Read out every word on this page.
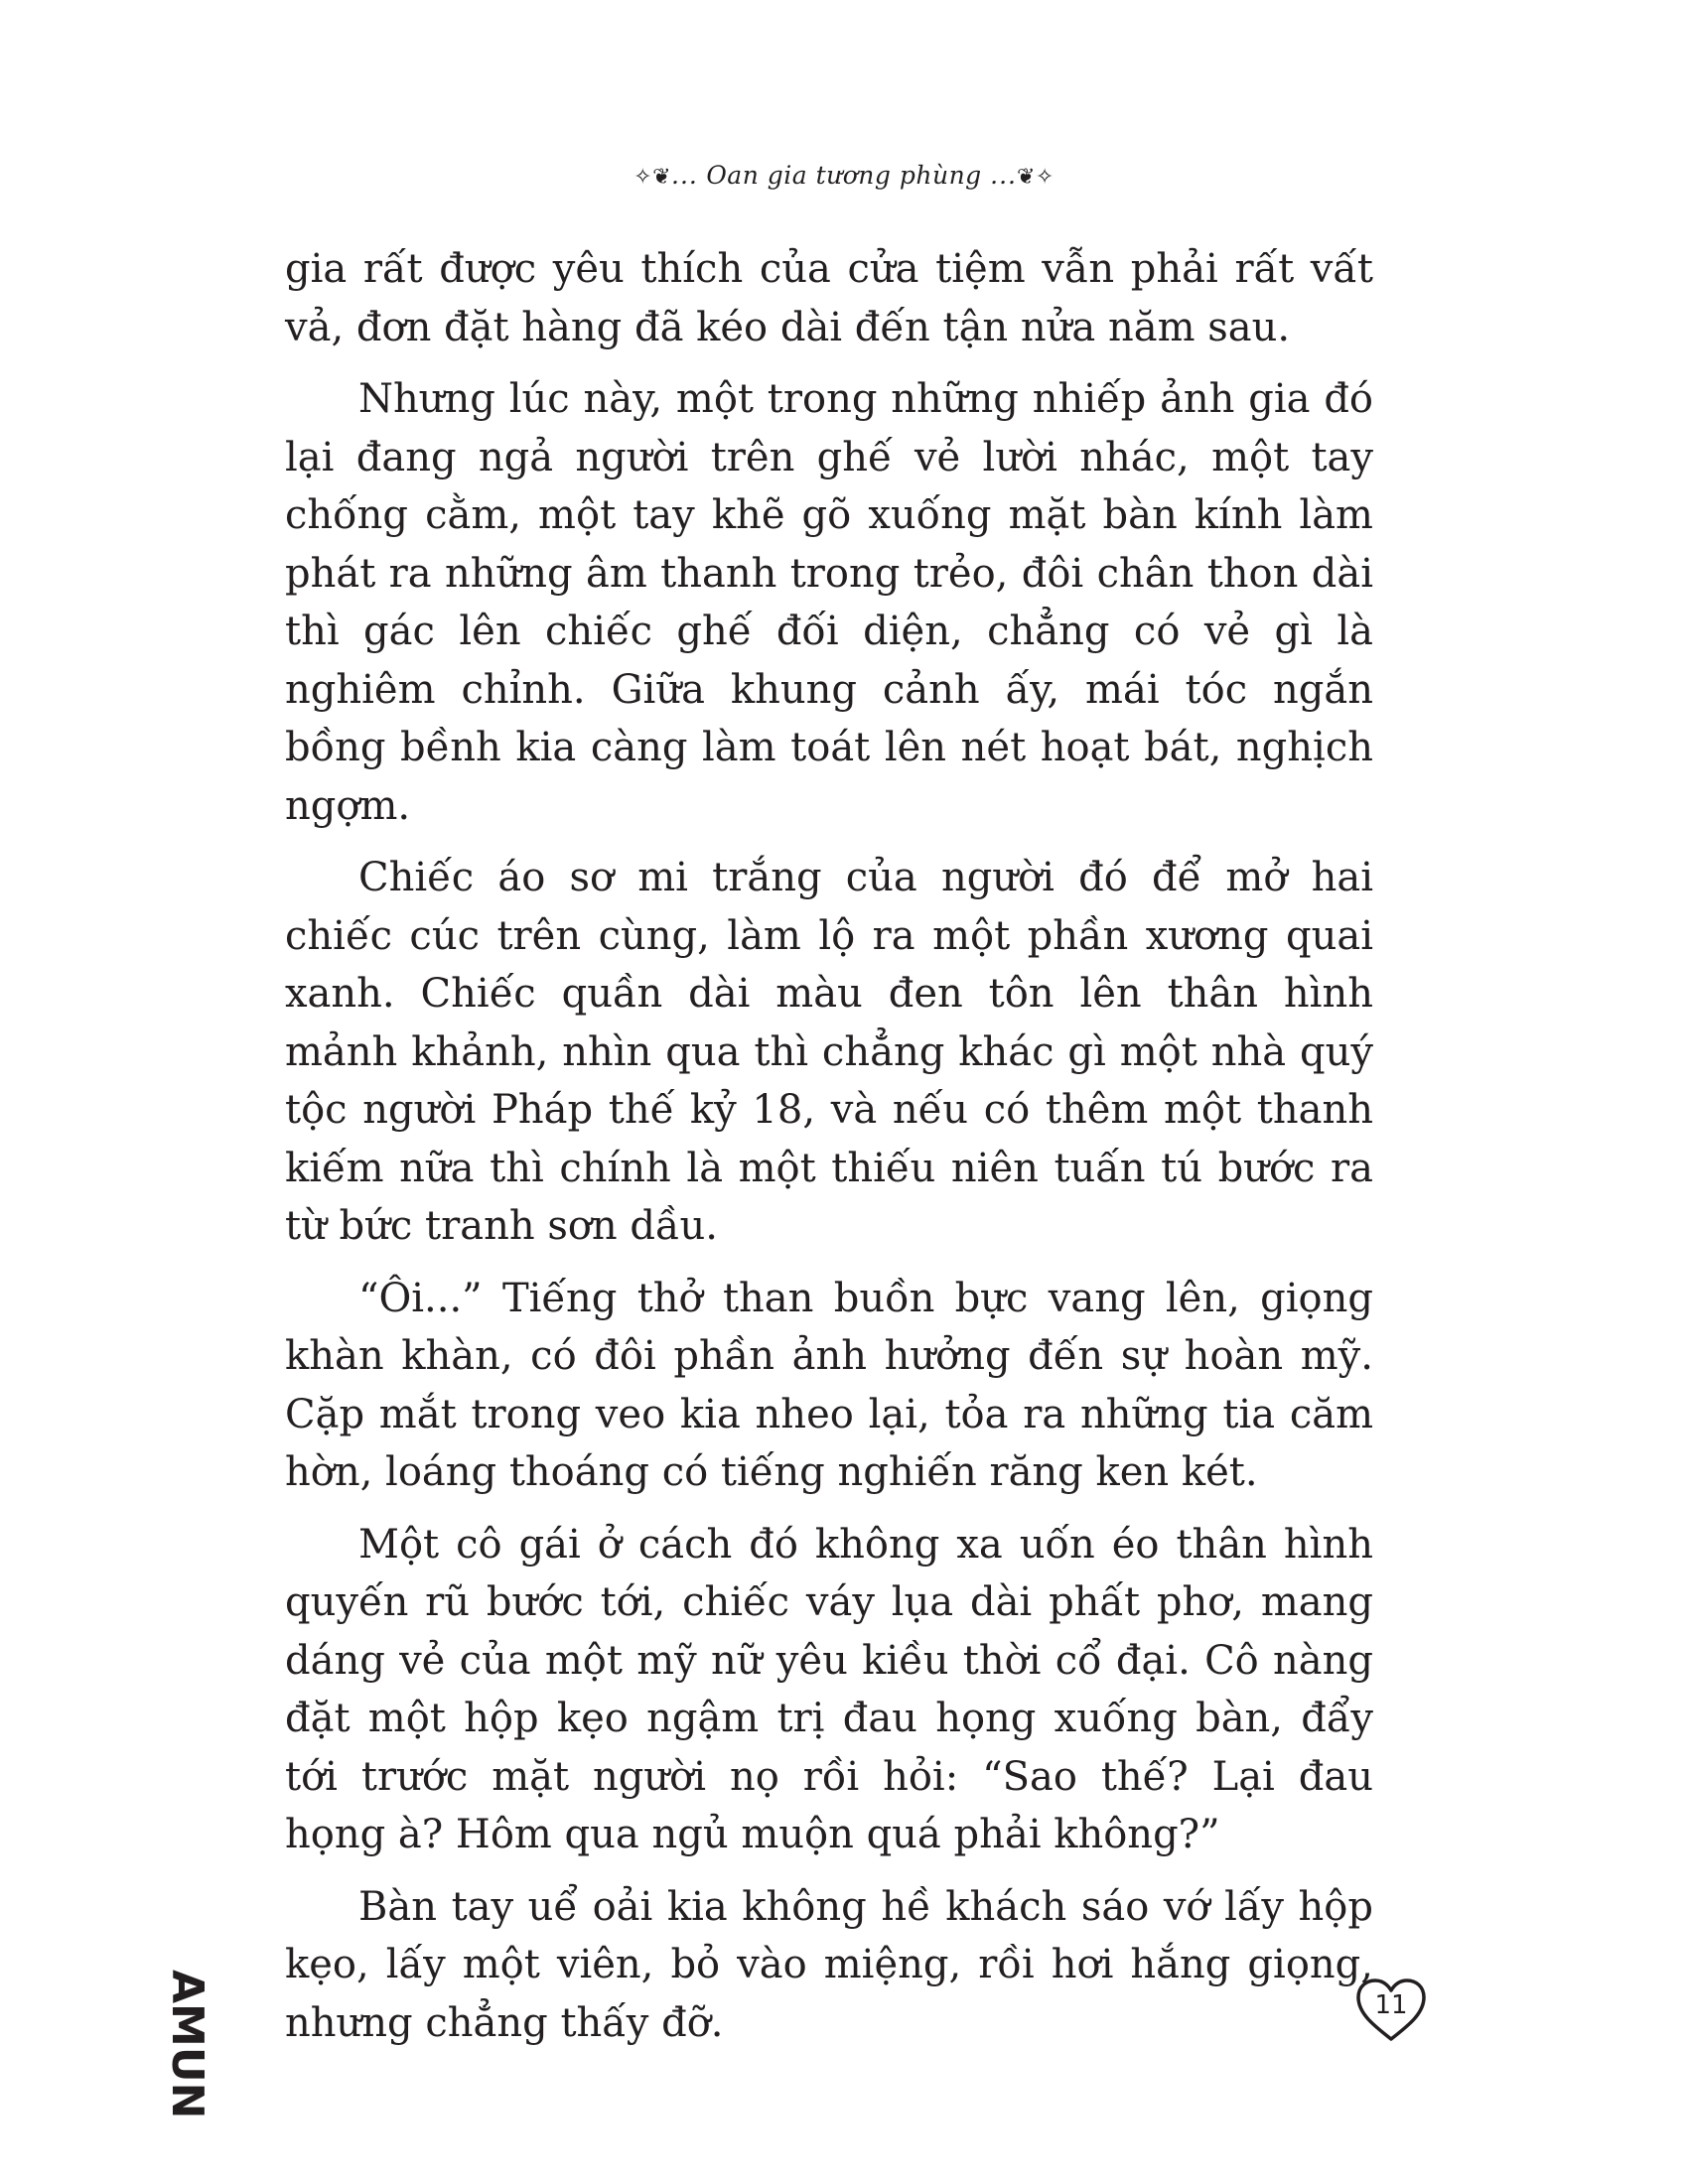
✧❦... Oan gia tương phùng ...❦✧

gia rất được yêu thích của cửa tiệm vẫn phải rất vất vả, đơn đặt hàng đã kéo dài đến tận nửa năm sau.

Nhưng lúc này, một trong những nhiếp ảnh gia đó lại đang ngả người trên ghế vẻ lười nhác, một tay chống cằm, một tay khẽ gõ xuống mặt bàn kính làm phát ra những âm thanh trong trẻo, đôi chân thon dài thì gác lên chiếc ghế đối diện, chẳng có vẻ gì là nghiêm chỉnh. Giữa khung cảnh ấy, mái tóc ngắn bồng bềnh kia càng làm toát lên nét hoạt bát, nghịch ngợm.

Chiếc áo sơ mi trắng của người đó để mở hai chiếc cúc trên cùng, làm lộ ra một phần xương quai xanh. Chiếc quần dài màu đen tôn lên thân hình mảnh khảnh, nhìn qua thì chẳng khác gì một nhà quý tộc người Pháp thế kỷ 18, và nếu có thêm một thanh kiếm nữa thì chính là một thiếu niên tuấn tú bước ra từ bức tranh sơn dầu.

“Ôi...” Tiếng thở than buồn bực vang lên, giọng khàn khàn, có đôi phần ảnh hưởng đến sự hoàn mỹ. Cặp mắt trong veo kia nheo lại, tỏa ra những tia căm hờn, loáng thoáng có tiếng nghiến răng ken két.

Một cô gái ở cách đó không xa uốn éo thân hình quyến rũ bước tới, chiếc váy lụa dài phất phơ, mang dáng vẻ của một mỹ nữ yêu kiều thời cổ đại. Cô nàng đặt một hộp kẹo ngậm trị đau họng xuống bàn, đẩy tới trước mặt người nọ rồi hỏi: “Sao thế? Lại đau họng à? Hôm qua ngủ muộn quá phải không?”

Bàn tay uể oải kia không hề khách sáo vớ lấy hộp kẹo, lấy một viên, bỏ vào miệng, rồi hơi hắng giọng, nhưng chẳng thấy đỡ.

AMUN	11
